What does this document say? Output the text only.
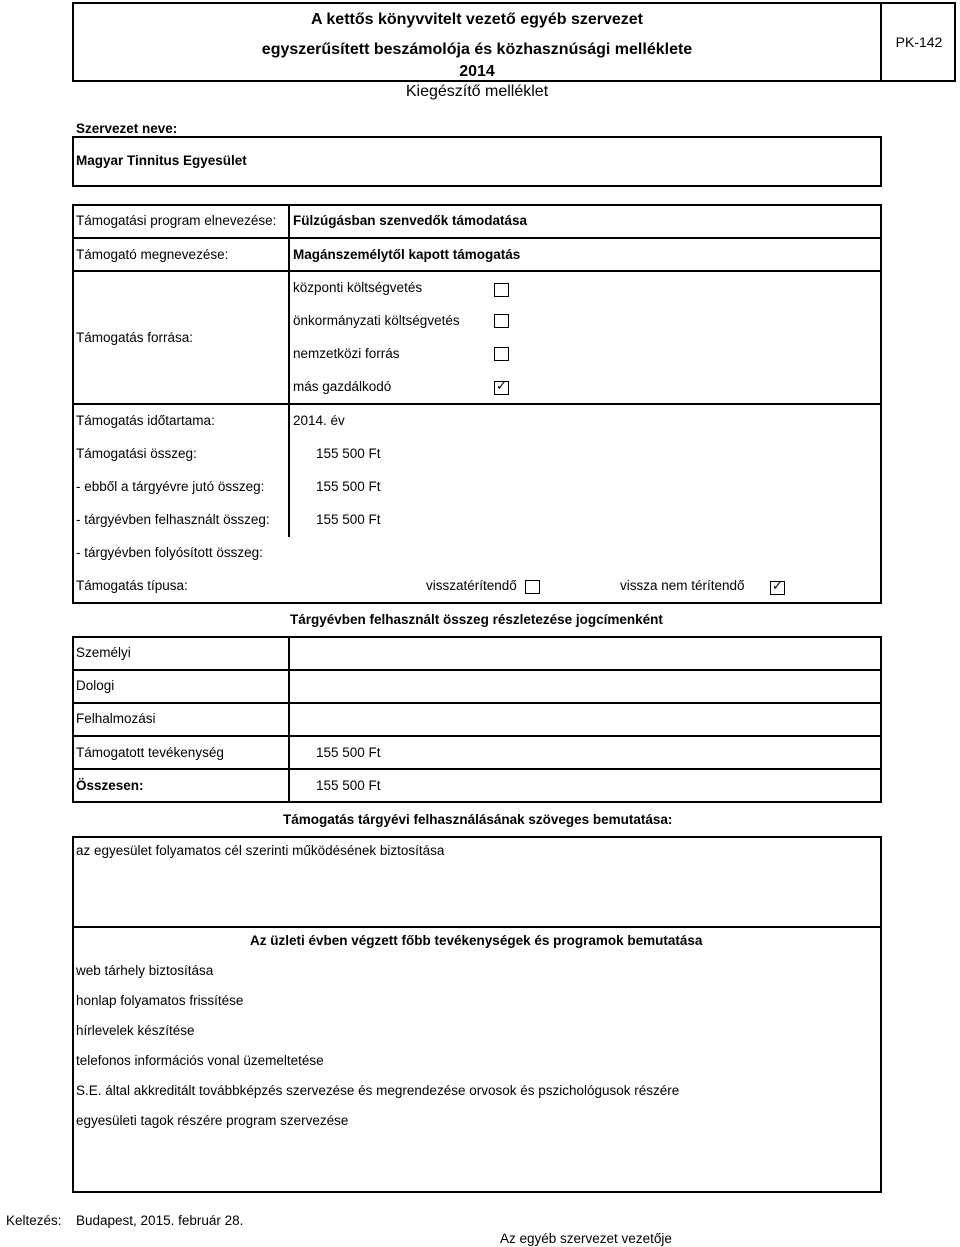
A kettős könyvvitelt vezető egyéb szervezet
egyszerűsített beszámolója és közhasznúsági melléklete
2014
Kiegészítő melléklet
PK-142
Szervezet neve:
Magyar Tinnitus Egyesület
Támogatási program elnevezése: Fülzúgásban szenvedők támodatása
Támogató megnevezése:	Magánszemélytől kapott támogatás
Támogatás forrása:
központi költségvetés
önkormányzati költségvetés
nemzetközi forrás
más gazdálkodó	✓
Támogatás időtartama:	2014. év
Támogatási összeg:	155 500 Ft
- ebből a tárgyévre jutó összeg:	155 500 Ft
- tárgyévben felhasznált összeg:	155 500 Ft
- tárgyévben folyósított összeg:
Támogatás típusa:	visszatérítendő	vissza nem térítendő ✓
Tárgyévben felhasznált összeg részletezése jogcímenként
Személyi
Dologi
Felhalmozási
Támogatott tevékenység	155 500 Ft
Összesen:	155 500 Ft
Támogatás tárgyévi felhasználásának szöveges bemutatása:
az egyesület folyamatos cél szerinti működésének biztosítása
Az üzleti évben végzett főbb tevékenységek és programok bemutatása
web tárhely biztosítása
honlap folyamatos frissítése
hírlevelek készítése
telefonos információs vonal üzemeltetése
S.E. által akkreditált továbbképzés szervezése és megrendezése orvosok és pszichológusok részére
egyesületi tagok részére program szervezése
Keltezés: Budapest, 2015. február 28.
Az egyéb szervezet vezetője
